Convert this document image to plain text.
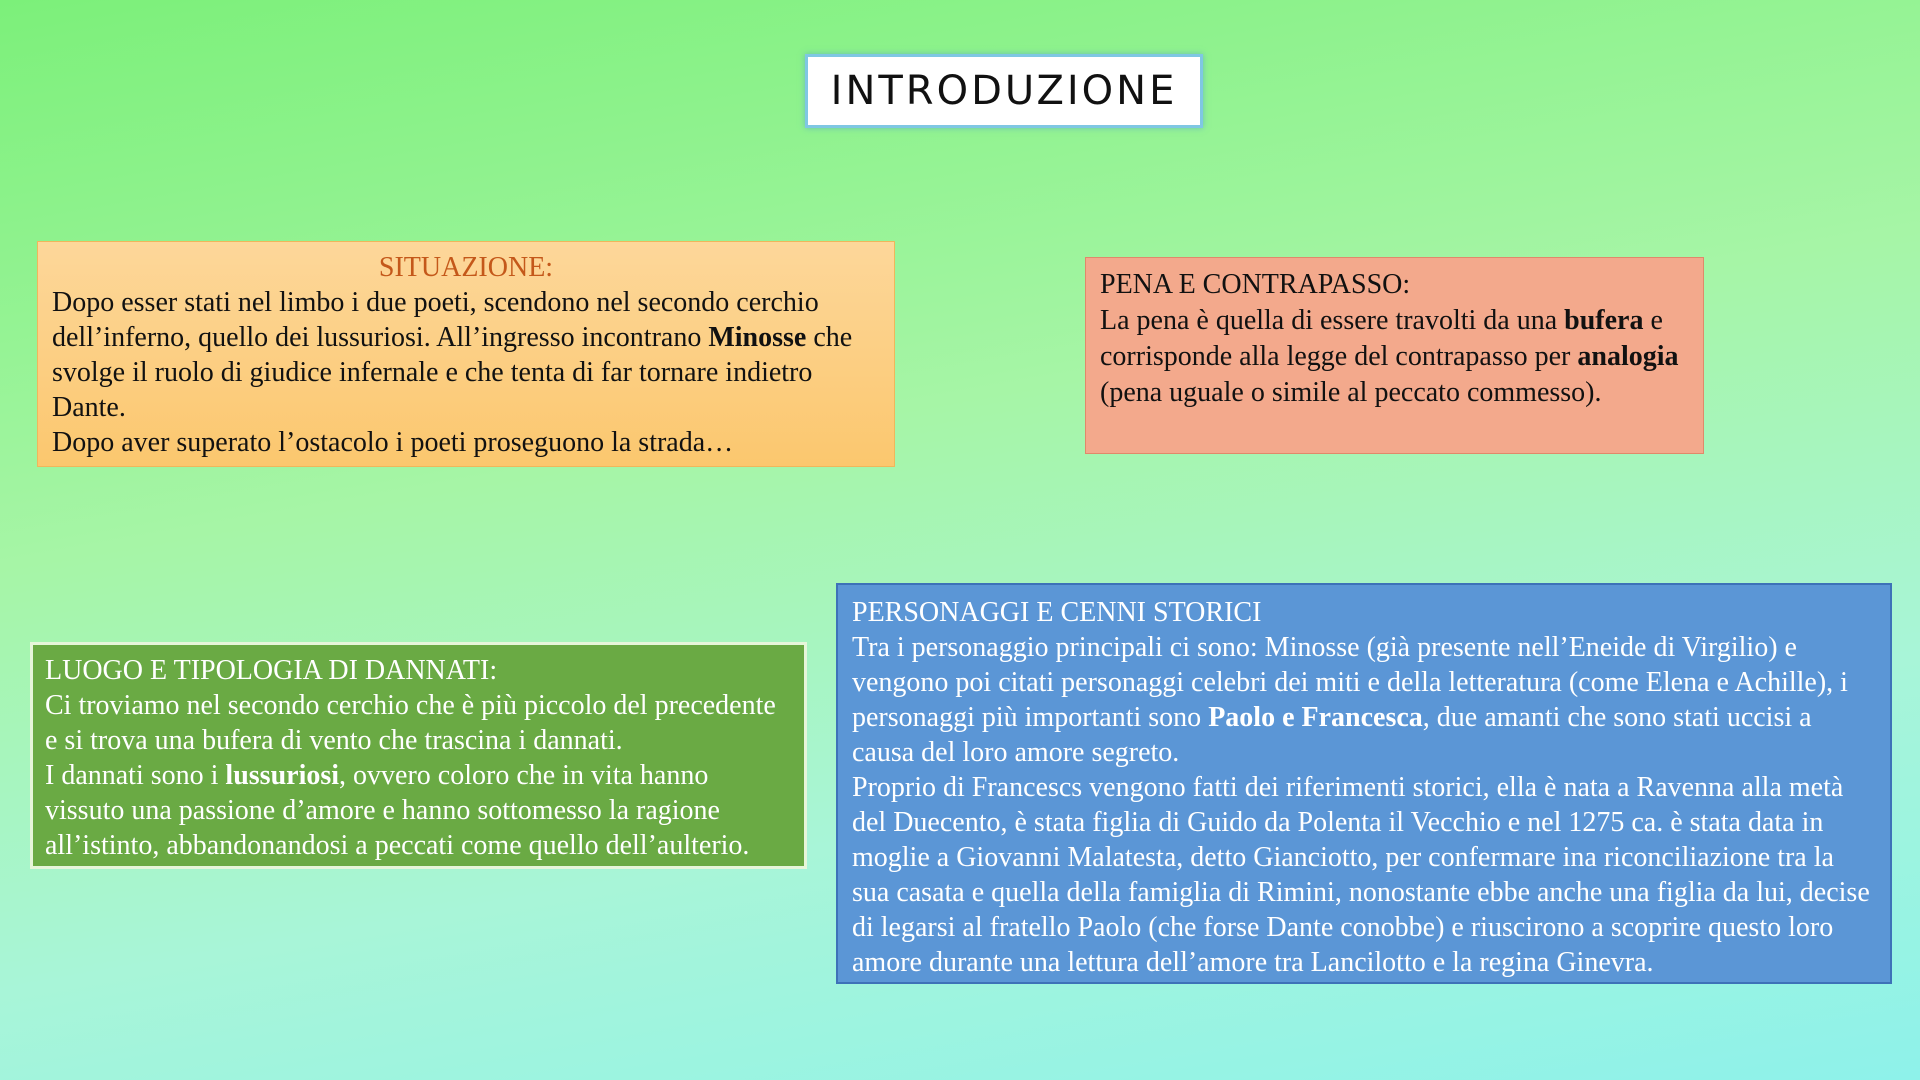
INTRODUZIONE
SITUAZIONE:

Dopo esser stati nel limbo i due poeti, scendono nel secondo cerchio dell’inferno, quello dei lussuriosi. All’ingresso incontrano Minosse che svolge il ruolo di giudice infernale e che tenta di far tornare indietro Dante.

Dopo aver superato l’ostacolo i poeti proseguono la strada…

PENA E CONTRAPASSO:

La pena è quella di essere travolti da una bufera e corrisponde alla legge del contrapasso per analogia (pena uguale o simile al peccato commesso).

LUOGO E TIPOLOGIA DI DANNATI:

Ci troviamo nel secondo cerchio che è più piccolo del precedente e si trova una bufera di vento che trascina i dannati.

I dannati sono i lussuriosi, ovvero coloro che in vita hanno vissuto una passione d’amore e hanno sottomesso la ragione all’istinto, abbandonandosi a peccati come quello dell’aulterio.

PERSONAGGI E CENNI STORICI

Tra i personaggio principali ci sono: Minosse (già presente nell’Eneide di Virgilio) e vengono poi citati personaggi celebri dei miti e della letteratura (come Elena e Achille), i personaggi più importanti sono Paolo e Francesca, due amanti che sono stati uccisi a causa del loro amore segreto.

Proprio di Francescs vengono fatti dei riferimenti storici, ella è nata a Ravenna alla metà del Duecento, è stata figlia di Guido da Polenta il Vecchio e nel 1275 ca. è stata data in moglie a Giovanni Malatesta, detto Gianciotto, per confermare ina riconciliazione tra la sua casata e quella della famiglia di Rimini, nonostante ebbe anche una figlia da lui, decise di legarsi al fratello Paolo (che forse Dante conobbe) e riuscirono a scoprire questo loro amore durante una lettura dell’amore tra Lancilotto e la regina Ginevra.
